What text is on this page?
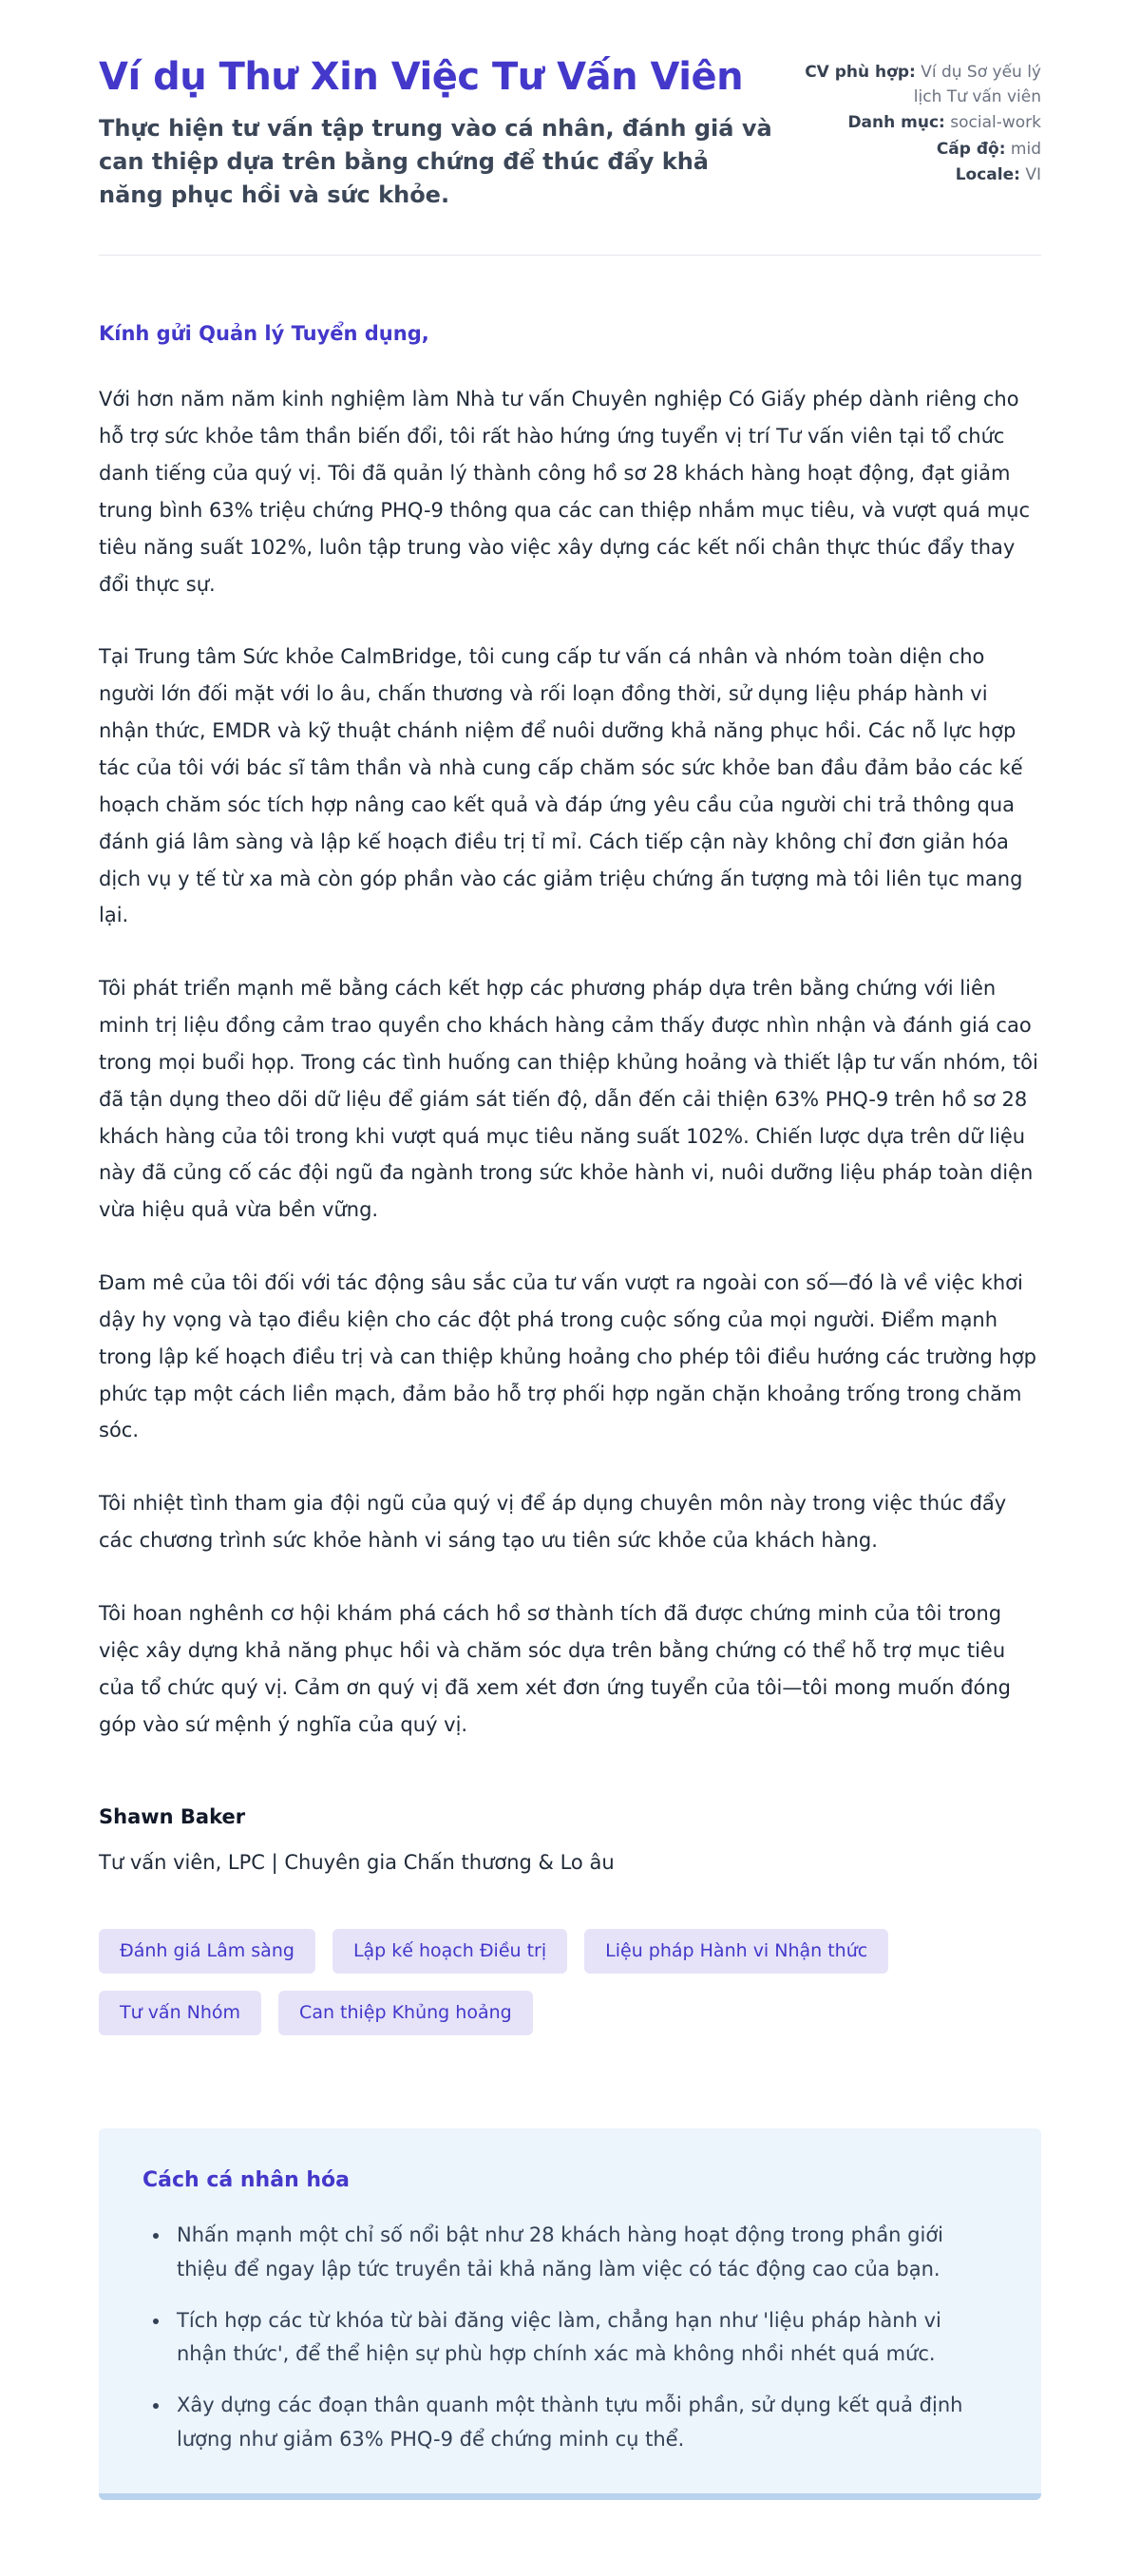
Ví dụ Thư Xin Việc Tư Vấn Viên

Thực hiện tư vấn tập trung vào cá nhân, đánh giá và can thiệp dựa trên bằng chứng để thúc đẩy khả năng phục hồi và sức khỏe.

CV phù hợp: Ví dụ Sơ yếu lý lịch Tư vấn viên
Danh mục: social-work
Cấp độ: mid
Locale: VI

Kính gửi Quản lý Tuyển dụng,

Với hơn năm năm kinh nghiệm làm Nhà tư vấn Chuyên nghiệp Có Giấy phép dành riêng cho hỗ trợ sức khỏe tâm thần biến đổi, tôi rất hào hứng ứng tuyển vị trí Tư vấn viên tại tổ chức danh tiếng của quý vị. Tôi đã quản lý thành công hồ sơ 28 khách hàng hoạt động, đạt giảm trung bình 63% triệu chứng PHQ-9 thông qua các can thiệp nhắm mục tiêu, và vượt quá mục tiêu năng suất 102%, luôn tập trung vào việc xây dựng các kết nối chân thực thúc đẩy thay đổi thực sự.

Tại Trung tâm Sức khỏe CalmBridge, tôi cung cấp tư vấn cá nhân và nhóm toàn diện cho người lớn đối mặt với lo âu, chấn thương và rối loạn đồng thời, sử dụng liệu pháp hành vi nhận thức, EMDR và kỹ thuật chánh niệm để nuôi dưỡng khả năng phục hồi. Các nỗ lực hợp tác của tôi với bác sĩ tâm thần và nhà cung cấp chăm sóc sức khỏe ban đầu đảm bảo các kế hoạch chăm sóc tích hợp nâng cao kết quả và đáp ứng yêu cầu của người chi trả thông qua đánh giá lâm sàng và lập kế hoạch điều trị tỉ mỉ. Cách tiếp cận này không chỉ đơn giản hóa dịch vụ y tế từ xa mà còn góp phần vào các giảm triệu chứng ấn tượng mà tôi liên tục mang lại.

Tôi phát triển mạnh mẽ bằng cách kết hợp các phương pháp dựa trên bằng chứng với liên minh trị liệu đồng cảm trao quyền cho khách hàng cảm thấy được nhìn nhận và đánh giá cao trong mọi buổi họp. Trong các tình huống can thiệp khủng hoảng và thiết lập tư vấn nhóm, tôi đã tận dụng theo dõi dữ liệu để giám sát tiến độ, dẫn đến cải thiện 63% PHQ-9 trên hồ sơ 28 khách hàng của tôi trong khi vượt quá mục tiêu năng suất 102%. Chiến lược dựa trên dữ liệu này đã củng cố các đội ngũ đa ngành trong sức khỏe hành vi, nuôi dưỡng liệu pháp toàn diện vừa hiệu quả vừa bền vững.

Đam mê của tôi đối với tác động sâu sắc của tư vấn vượt ra ngoài con số—đó là về việc khơi dậy hy vọng và tạo điều kiện cho các đột phá trong cuộc sống của mọi người. Điểm mạnh trong lập kế hoạch điều trị và can thiệp khủng hoảng cho phép tôi điều hướng các trường hợp phức tạp một cách liền mạch, đảm bảo hỗ trợ phối hợp ngăn chặn khoảng trống trong chăm sóc.

Tôi nhiệt tình tham gia đội ngũ của quý vị để áp dụng chuyên môn này trong việc thúc đẩy các chương trình sức khỏe hành vi sáng tạo ưu tiên sức khỏe của khách hàng.

Tôi hoan nghênh cơ hội khám phá cách hồ sơ thành tích đã được chứng minh của tôi trong việc xây dựng khả năng phục hồi và chăm sóc dựa trên bằng chứng có thể hỗ trợ mục tiêu của tổ chức quý vị. Cảm ơn quý vị đã xem xét đơn ứng tuyển của tôi—tôi mong muốn đóng góp vào sứ mệnh ý nghĩa của quý vị.

Shawn Baker

Tư vấn viên, LPC | Chuyên gia Chấn thương & Lo âu

Đánh giá Lâm sàng	Lập kế hoạch Điều trị	Liệu pháp Hành vi Nhận thức
Tư vấn Nhóm	Can thiệp Khủng hoảng
Cách cá nhân hóa
• Nhấn mạnh một chỉ số nổi bật như 28 khách hàng hoạt động trong phần giới thiệu để ngay lập tức truyền tải khả năng làm việc có tác động cao của bạn.
• Tích hợp các từ khóa từ bài đăng việc làm, chẳng hạn như 'liệu pháp hành vi nhận thức', để thể hiện sự phù hợp chính xác mà không nhồi nhét quá mức.
• Xây dựng các đoạn thân quanh một thành tựu mỗi phần, sử dụng kết quả định lượng như giảm 63% PHQ-9 để chứng minh cụ thể.
